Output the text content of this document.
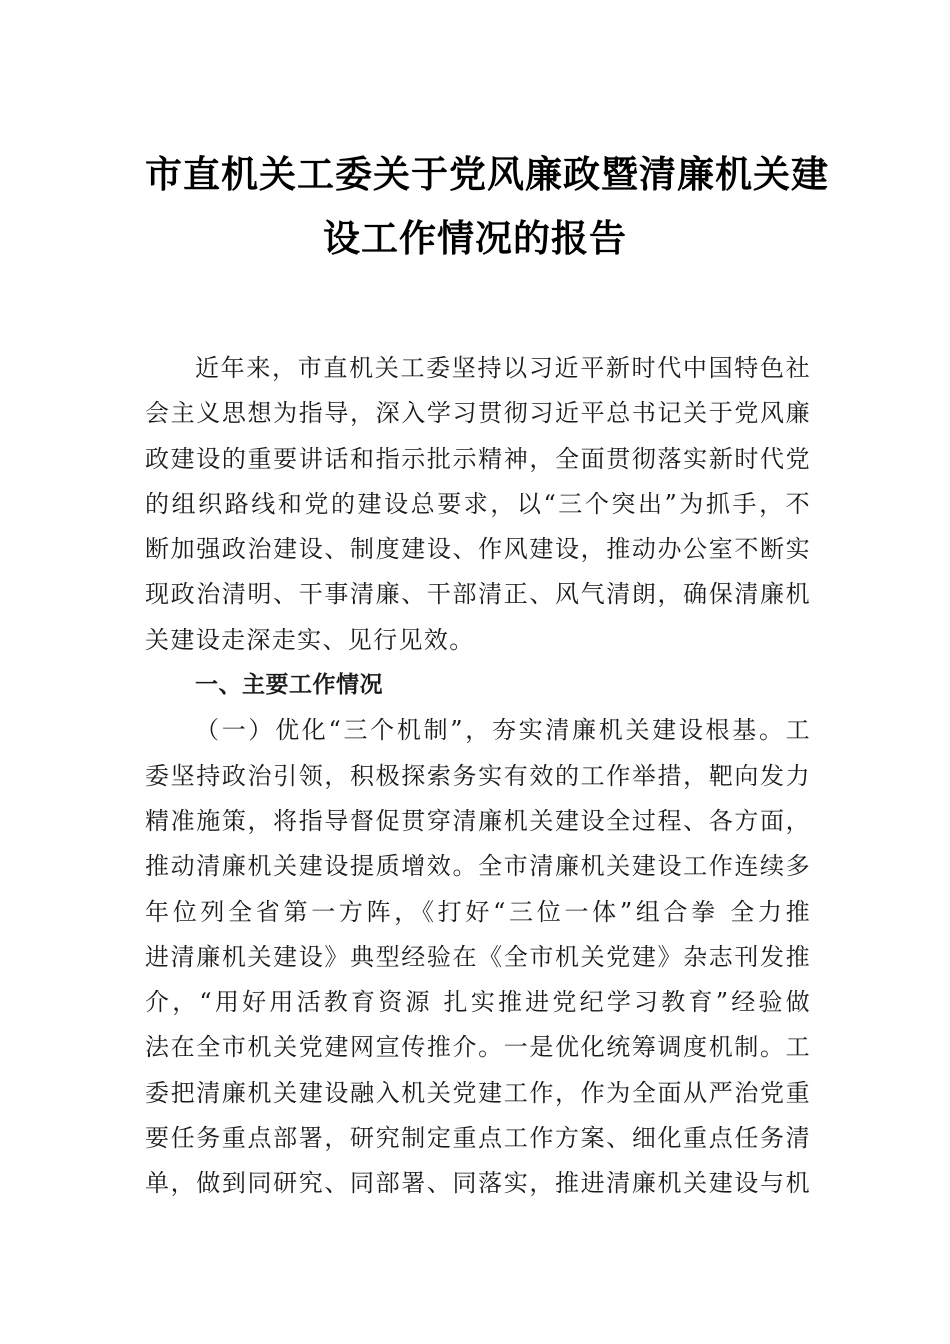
市直机关工委关于党风廉政暨清廉机关建
设工作情况的报告
近年来，市直机关工委坚持以习近平新时代中国特色社
会主义思想为指导，深入学习贯彻习近平总书记关于党风廉
政建设的重要讲话和指示批示精神，全面贯彻落实新时代党
的组织路线和党的建设总要求，以“三个突出”为抓手，不
断加强政治建设、制度建设、作风建设，推动办公室不断实
现政治清明、干事清廉、干部清正、风气清朗，确保清廉机
关建设走深走实、见行见效。
一、主要工作情况
（一）优化“三个机制”，夯实清廉机关建设根基。工
委坚持政治引领，积极探索务实有效的工作举措，靶向发力
精准施策，将指导督促贯穿清廉机关建设全过程、各方面，
推动清廉机关建设提质增效。全市清廉机关建设工作连续多
年位列全省第一方阵，《打好“三位一体”组合拳 全力推
进清廉机关建设》典型经验在《全市机关党建》杂志刊发推
介，“用好用活教育资源 扎实推进党纪学习教育”经验做
法在全市机关党建网宣传推介。一是优化统筹调度机制。工
委把清廉机关建设融入机关党建工作，作为全面从严治党重
要任务重点部署，研究制定重点工作方案、细化重点任务清
单，做到同研究、同部署、同落实，推进清廉机关建设与机
